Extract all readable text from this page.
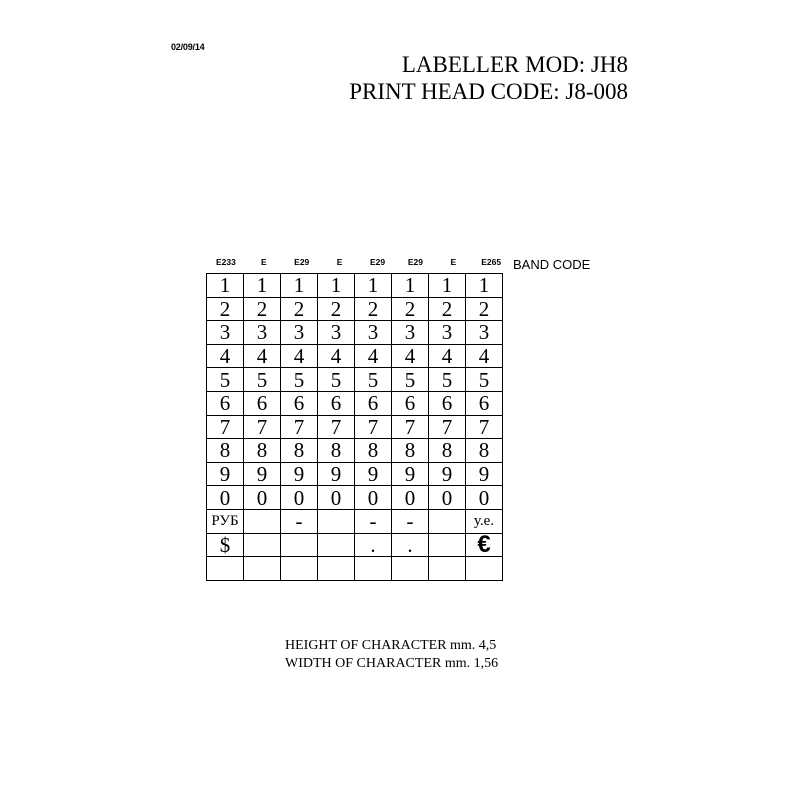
02/09/14
LABELLER MOD: JH8
PRINT HEAD CODE: J8-008
E233	E	E29	E	E29	E29	E	E265 BAND CODE
1	1	1	1	1	1	1	1
2	2	2	2	2	2	2	2
3	3	3	3	3	3	3	3
4	4	4	4	4	4	4	4
5	5	5	5	5	5	5	5
6	6	6	6	6	6	6	6
7	7	7	7	7	7	7	7
8	8	8	8	8	8	8	8
9	9	9	9	9	9	9	9
0	0	0	0	0	0	0	0
РУБ		-		-	-		у.е.
$				.	.		€

HEIGHT OF CHARACTER mm. 4,5
WIDTH OF CHARACTER mm. 1,56
